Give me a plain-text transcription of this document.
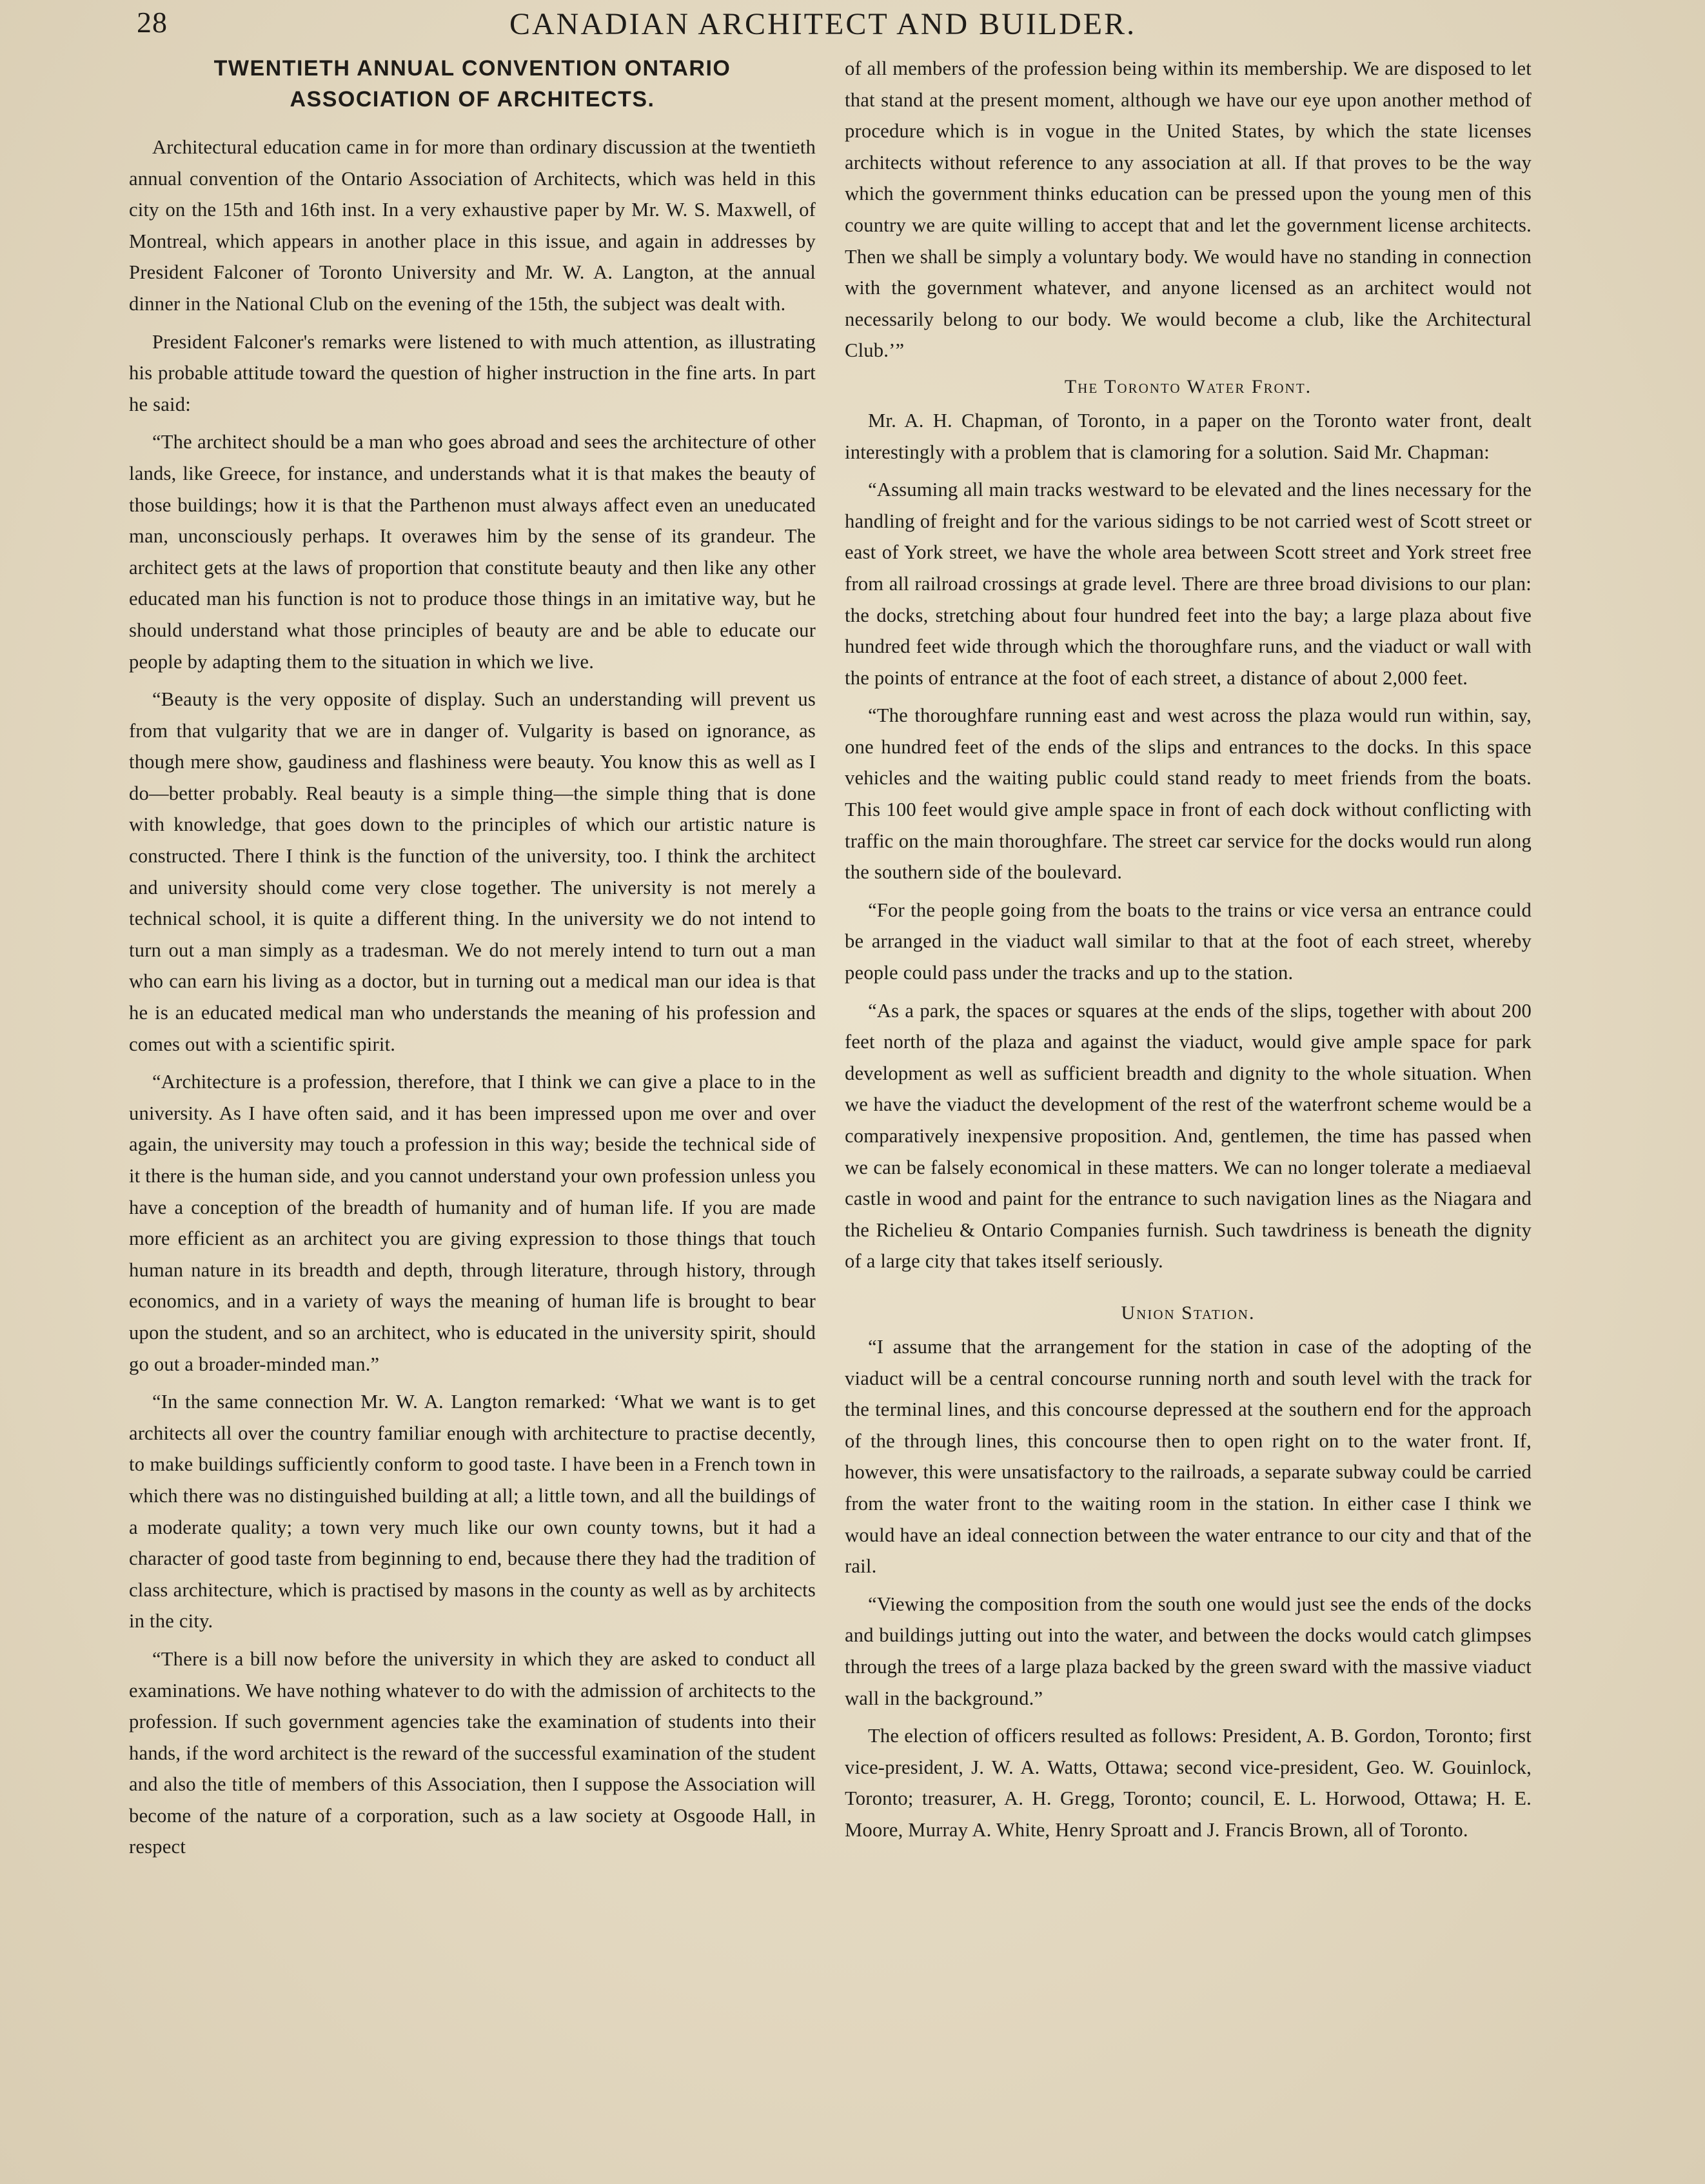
28	CANADIAN ARCHITECT AND BUILDER.
TWENTIETH ANNUAL CONVENTION ONTARIO
ASSOCIATION OF ARCHITECTS.

Architectural education came in for more than ordinary discussion at the twentieth annual convention of the Ontario Association of Architects, which was held in this city on the 15th and 16th inst. In a very exhaustive paper by Mr. W. S. Maxwell, of Montreal, which appears in another place in this issue, and again in addresses by President Falconer of Toronto University and Mr. W. A. Langton, at the annual dinner in the National Club on the evening of the 15th, the subject was dealt with.

President Falconer's remarks were listened to with much attention, as illustrating his probable attitude toward the question of higher instruction in the fine arts. In part he said:

“The architect should be a man who goes abroad and sees the architecture of other lands, like Greece, for instance, and understands what it is that makes the beauty of those buildings; how it is that the Parthenon must always affect even an uneducated man, unconsciously perhaps. It overawes him by the sense of its grandeur. The architect gets at the laws of proportion that constitute beauty and then like any other educated man his function is not to produce those things in an imitative way, but he should understand what those principles of beauty are and be able to educate our people by adapting them to the situation in which we live.

“Beauty is the very opposite of display. Such an understanding will prevent us from that vulgarity that we are in danger of. Vulgarity is based on ignorance, as though mere show, gaudiness and flashiness were beauty. You know this as well as I do—better probably. Real beauty is a simple thing—the simple thing that is done with knowledge, that goes down to the principles of which our artistic nature is constructed. There I think is the function of the university, too. I think the architect and university should come very close together. The university is not merely a technical school, it is quite a different thing. In the university we do not intend to turn out a man simply as a tradesman. We do not merely intend to turn out a man who can earn his living as a doctor, but in turning out a medical man our idea is that he is an educated medical man who understands the meaning of his profession and comes out with a scientific spirit.

“Architecture is a profession, therefore, that I think we can give a place to in the university. As I have often said, and it has been impressed upon me over and over again, the university may touch a profession in this way; beside the technical side of it there is the human side, and you cannot understand your own profession unless you have a conception of the breadth of humanity and of human life. If you are made more efficient as an architect you are giving expression to those things that touch human nature in its breadth and depth, through literature, through history, through economics, and in a variety of ways the meaning of human life is brought to bear upon the student, and so an architect, who is educated in the university spirit, should go out a broader-minded man.”

“In the same connection Mr. W. A. Langton remarked: ‘What we want is to get architects all over the country familiar enough with architecture to practise decently, to make buildings sufficiently conform to good taste. I have been in a French town in which there was no distinguished building at all; a little town, and all the buildings of a moderate quality; a town very much like our own county towns, but it had a character of good taste from beginning to end, because there they had the tradition of class architecture, which is practised by masons in the county as well as by architects in the city.

“There is a bill now before the university in which they are asked to conduct all examinations. We have nothing whatever to do with the admission of architects to the profession. If such government agencies take the examination of students into their hands, if the word architect is the reward of the successful examination of the student and also the title of members of this Association, then I suppose the Association will become of the nature of a corporation, such as a law society at Osgoode Hall, in respect

of all members of the profession being within its membership. We are disposed to let that stand at the present moment, although we have our eye upon another method of procedure which is in vogue in the United States, by which the state licenses architects without reference to any association at all. If that proves to be the way which the government thinks education can be pressed upon the young men of this country we are quite willing to accept that and let the government license architects. Then we shall be simply a voluntary body. We would have no standing in connection with the government whatever, and anyone licensed as an architect would not necessarily belong to our body. We would become a club, like the Architectural Club.’”

The Toronto Water Front.

Mr. A. H. Chapman, of Toronto, in a paper on the Toronto water front, dealt interestingly with a problem that is clamoring for a solution. Said Mr. Chapman:

“Assuming all main tracks westward to be elevated and the lines necessary for the handling of freight and for the various sidings to be not carried west of Scott street or east of York street, we have the whole area between Scott street and York street free from all railroad crossings at grade level. There are three broad divisions to our plan: the docks, stretching about four hundred feet into the bay; a large plaza about five hundred feet wide through which the thoroughfare runs, and the viaduct or wall with the points of entrance at the foot of each street, a distance of about 2,000 feet.

“The thoroughfare running east and west across the plaza would run within, say, one hundred feet of the ends of the slips and entrances to the docks. In this space vehicles and the waiting public could stand ready to meet friends from the boats. This 100 feet would give ample space in front of each dock without conflicting with traffic on the main thoroughfare. The street car service for the docks would run along the southern side of the boulevard.

“For the people going from the boats to the trains or vice versa an entrance could be arranged in the viaduct wall similar to that at the foot of each street, whereby people could pass under the tracks and up to the station.

“As a park, the spaces or squares at the ends of the slips, together with about 200 feet north of the plaza and against the viaduct, would give ample space for park development as well as sufficient breadth and dignity to the whole situation. When we have the viaduct the development of the rest of the waterfront scheme would be a comparatively inexpensive proposition. And, gentlemen, the time has passed when we can be falsely economical in these matters. We can no longer tolerate a mediaeval castle in wood and paint for the entrance to such navigation lines as the Niagara and the Richelieu & Ontario Companies furnish. Such tawdriness is beneath the dignity of a large city that takes itself seriously.

Union Station.

“I assume that the arrangement for the station in case of the adopting of the viaduct will be a central concourse running north and south level with the track for the terminal lines, and this concourse depressed at the southern end for the approach of the through lines, this concourse then to open right on to the water front. If, however, this were unsatisfactory to the railroads, a separate subway could be carried from the water front to the waiting room in the station. In either case I think we would have an ideal connection between the water entrance to our city and that of the rail.

“Viewing the composition from the south one would just see the ends of the docks and buildings jutting out into the water, and between the docks would catch glimpses through the trees of a large plaza backed by the green sward with the massive viaduct wall in the background.”

The election of officers resulted as follows: President, A. B. Gordon, Toronto; first vice-president, J. W. A. Watts, Ottawa; second vice-president, Geo. W. Gouinlock, Toronto; treasurer, A. H. Gregg, Toronto; council, E. L. Horwood, Ottawa; H. E. Moore, Murray A. White, Henry Sproatt and J. Francis Brown, all of Toronto.
